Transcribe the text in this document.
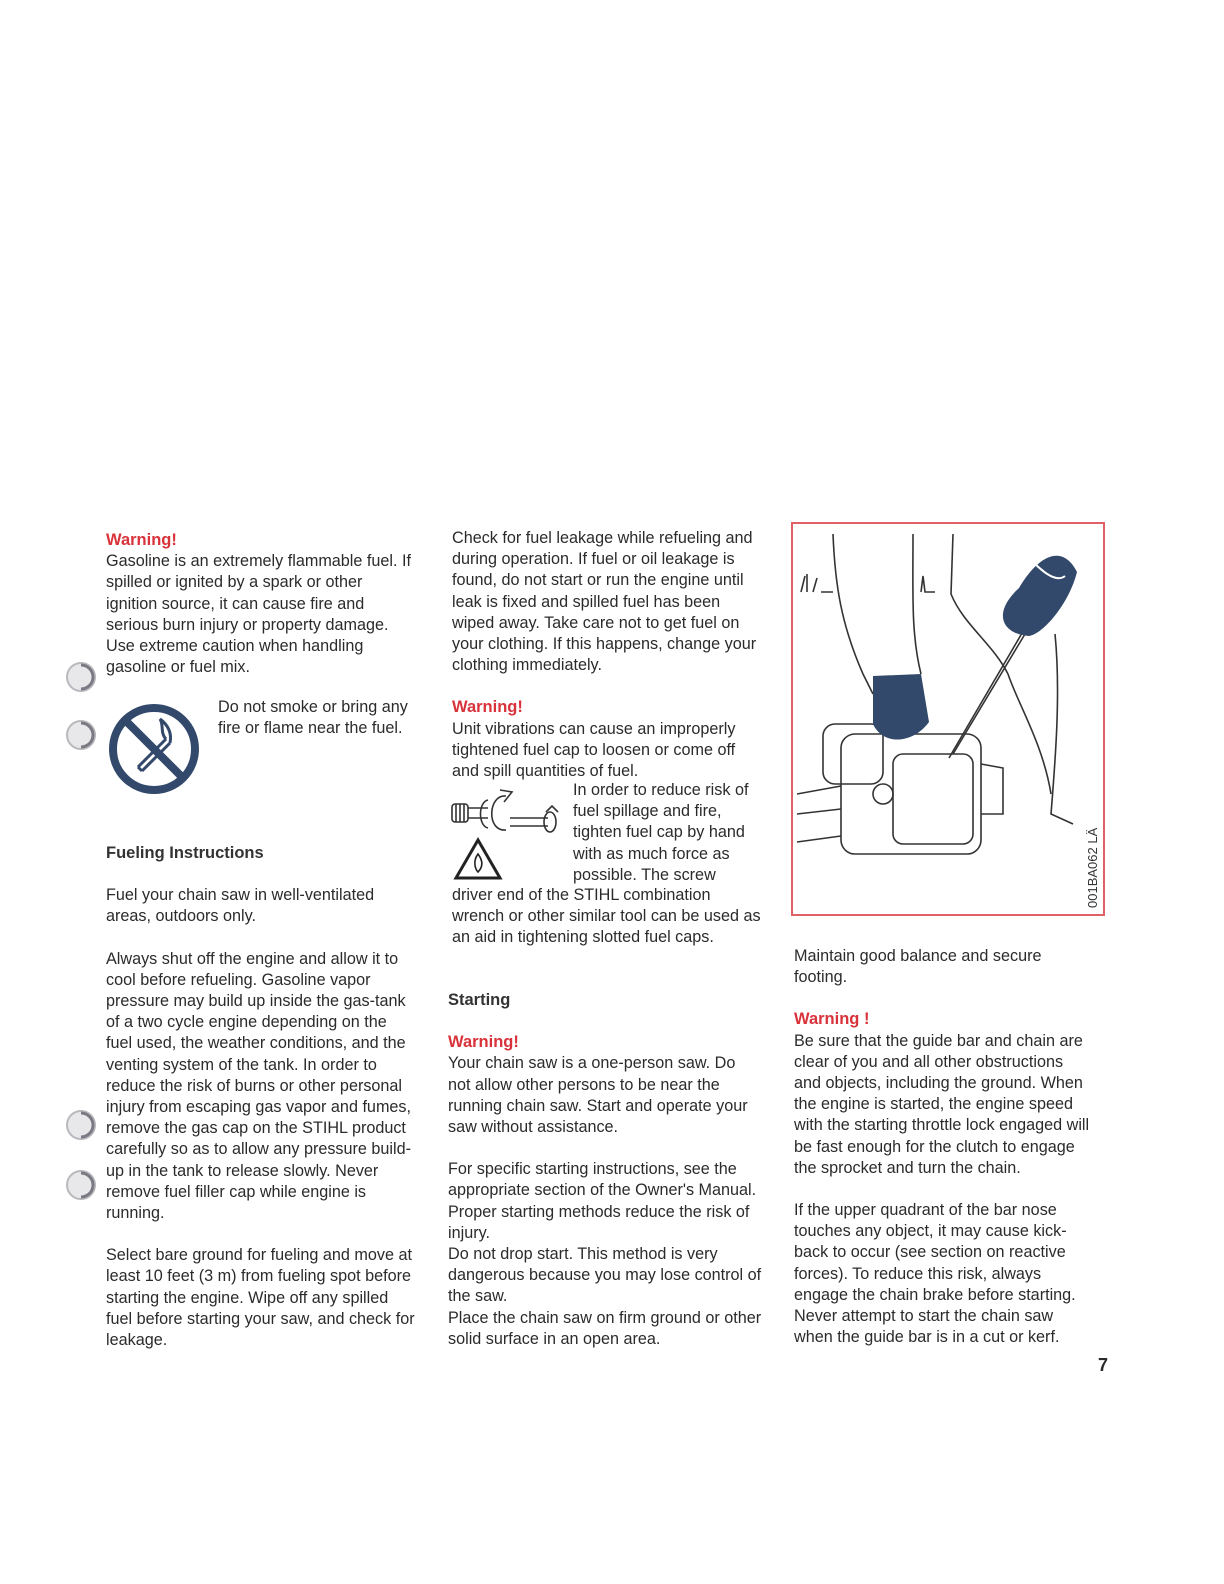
Warning!

Gasoline is an extremely flammable fuel. If spilled or ignited by a spark or other ignition source, it can cause fire and serious burn injury or property damage. Use extreme caution when handling gasoline or fuel mix.

Do not smoke or bring any fire or flame near the fuel.

Fueling Instructions

Fuel your chain saw in well-ventilated areas, outdoors only.

Always shut off the engine and allow it to cool before refueling. Gasoline vapor pressure may build up inside the gas-tank of a two cycle engine depending on the fuel used, the weather conditions, and the venting system of the tank. In order to reduce the risk of burns or other personal injury from escaping gas vapor and fumes, remove the gas cap on the STIHL product carefully so as to allow any pressure build-up in the tank to release slowly. Never remove fuel filler cap while engine is running.

Select bare ground for fueling and move at least 10 feet (3 m) from fueling spot before starting the engine. Wipe off any spilled fuel before starting your saw, and check for leakage.

Check for fuel leakage while refueling and during operation. If fuel or oil leakage is found, do not start or run the engine until leak is fixed and spilled fuel has been wiped away. Take care not to get fuel on your clothing. If this happens, change your clothing immediately.

Warning!

Unit vibrations can cause an improperly tightened fuel cap to loosen or come off and spill quantities of fuel.

In order to reduce risk of fuel spillage and fire, tighten fuel cap by hand with as much force as possible. The screw

driver end of the STIHL combination wrench or other similar tool can be used as an aid in tightening slotted fuel caps.

Starting

Warning!

Your chain saw is a one-person saw. Do not allow other persons to be near the running chain saw. Start and operate your saw without assistance.

For specific starting instructions, see the appropriate section of the Owner's Manual. Proper starting methods reduce the risk of injury.

Do not drop start. This method is very dangerous because you may lose control of the saw.

Place the chain saw on firm ground or other solid surface in an open area.

001BA062 LÄ

Maintain good balance and secure footing.

Warning !

Be sure that the guide bar and chain are clear of you and all other obstructions and objects, including the ground. When the engine is started, the engine speed with the starting throttle lock engaged will be fast enough for the clutch to engage the sprocket and turn the chain.

If the upper quadrant of the bar nose touches any object, it may cause kick-back to occur (see section on reactive forces). To reduce this risk, always engage the chain brake before starting. Never attempt to start the chain saw when the guide bar is in a cut or kerf.

7
